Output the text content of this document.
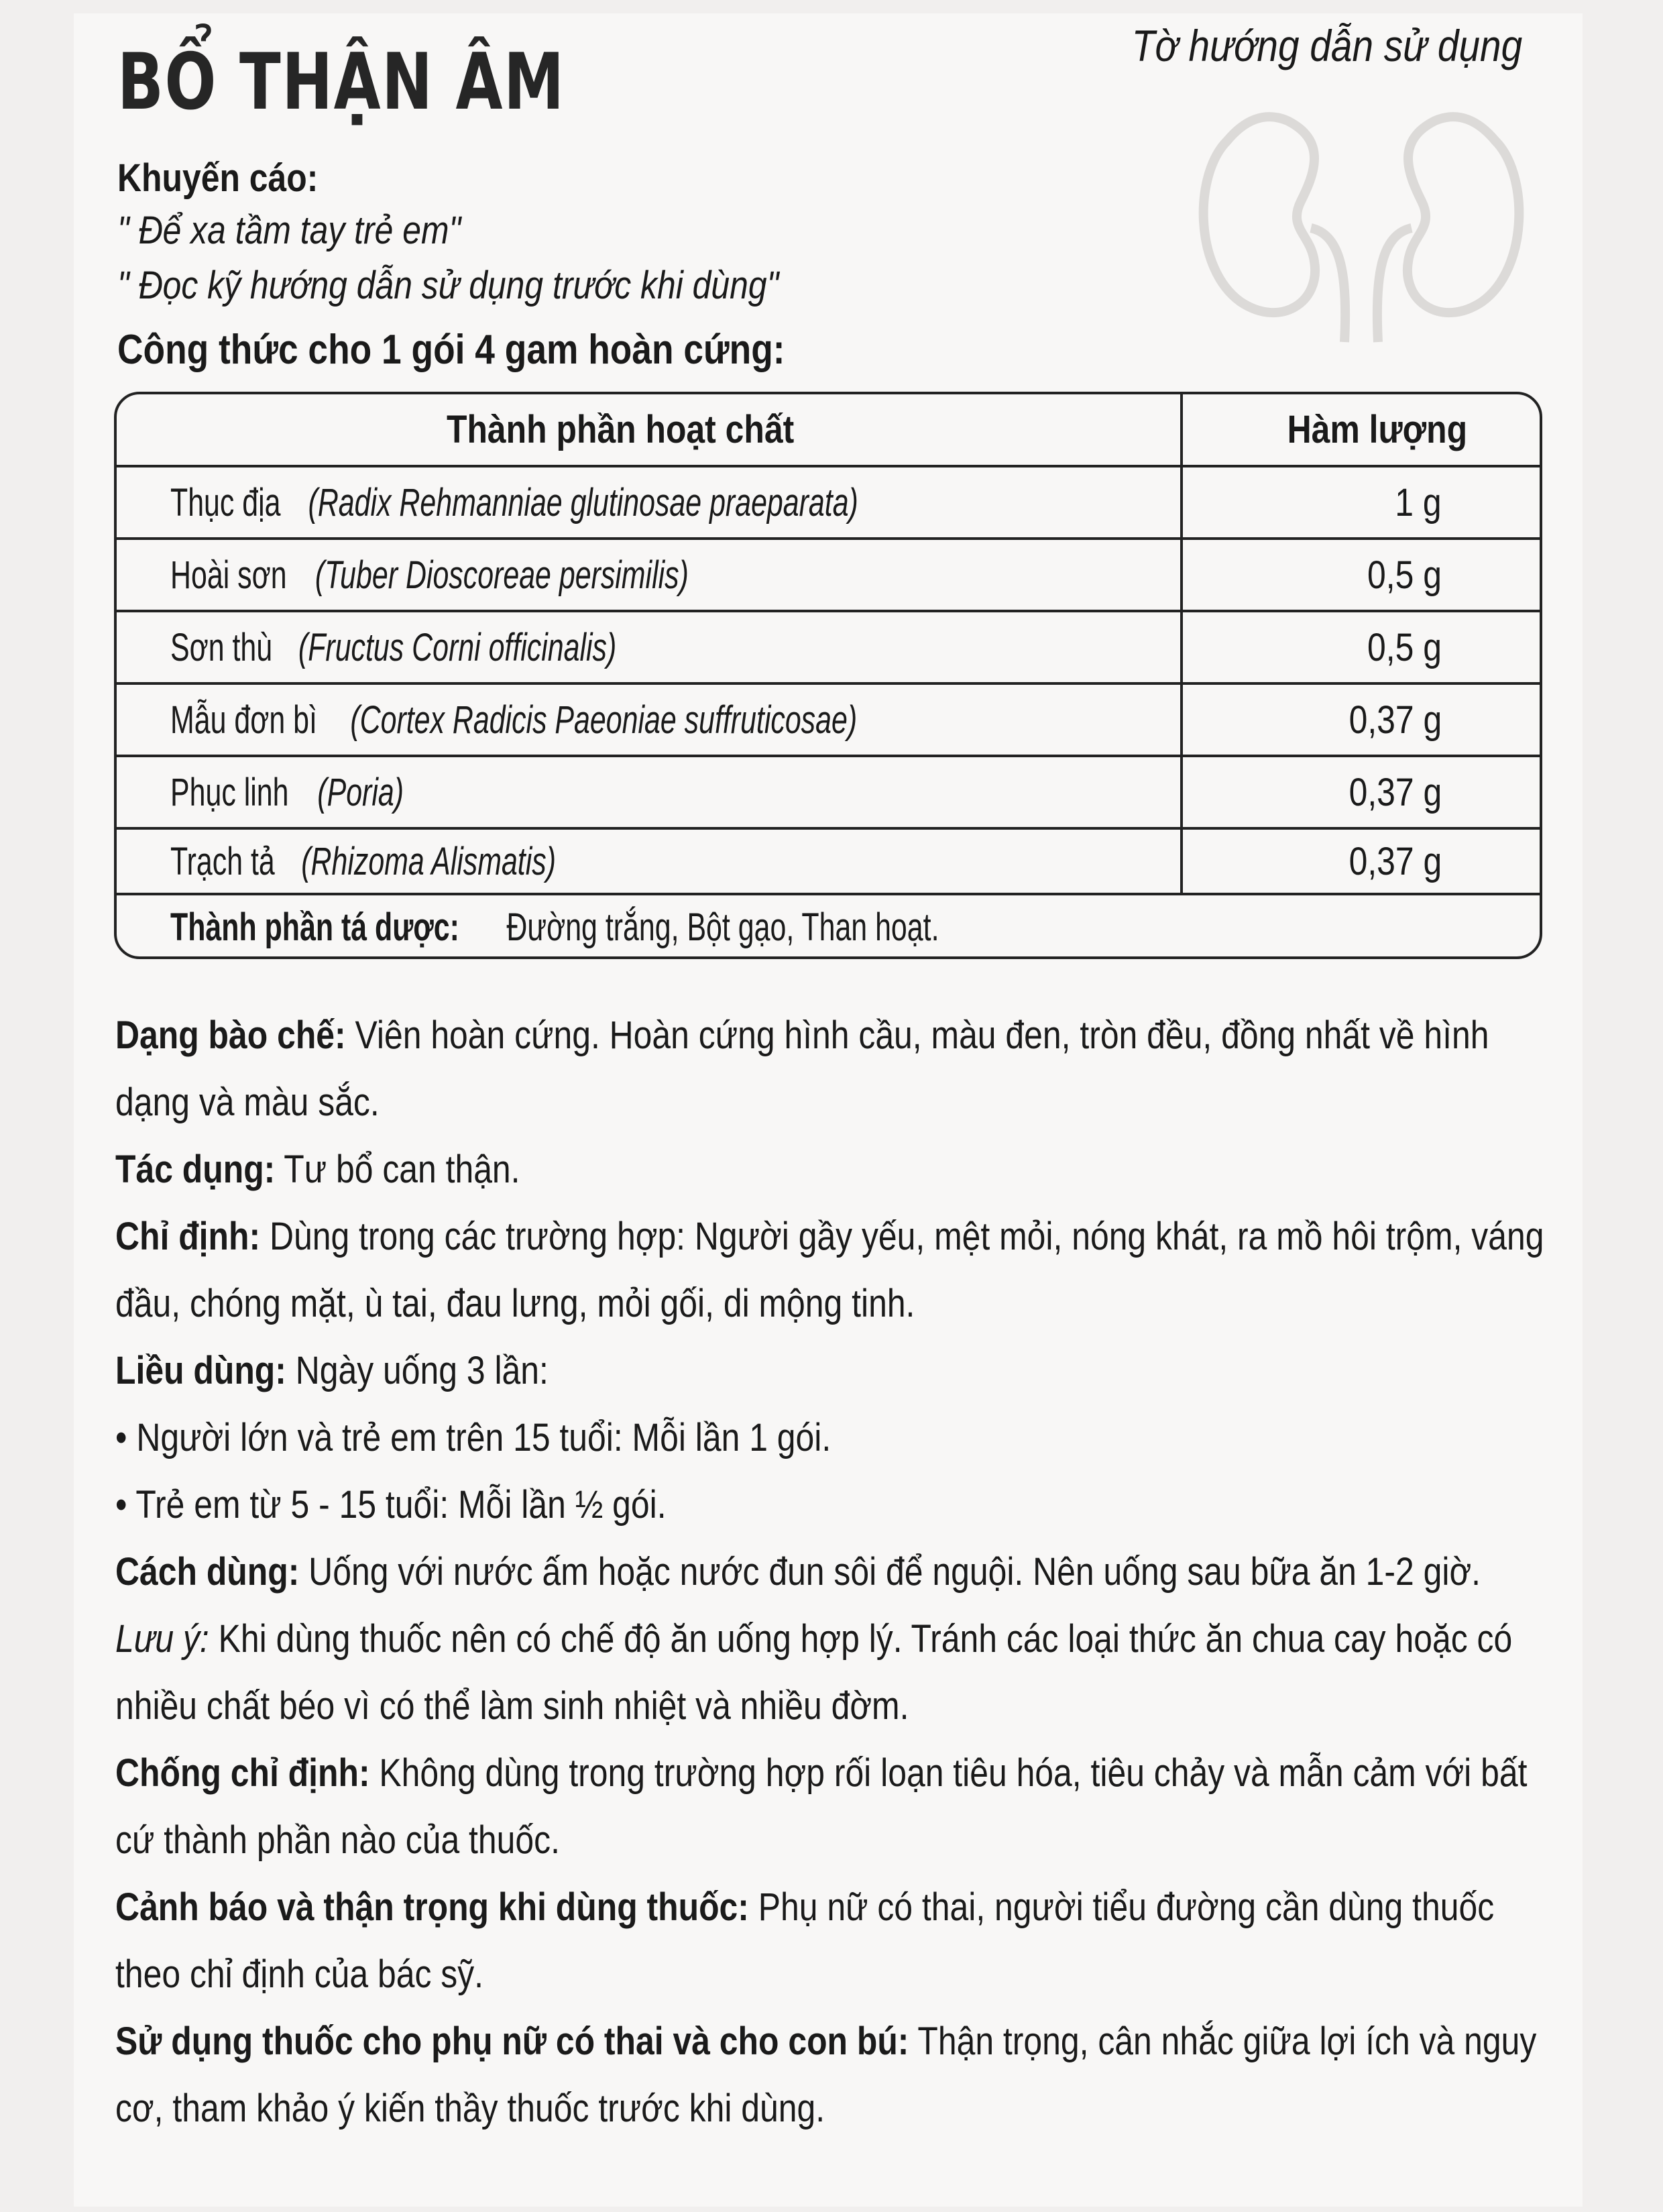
BỔ THẬN ÂM	Tờ hướng dẫn sử dụng
Khuyến cáo:
" Để xa tầm tay trẻ em"
" Đọc kỹ hướng dẫn sử dụng trước khi dùng"
Công thức cho 1 gói 4 gam hoàn cứng:
Thành phần hoạt chất	Hàm lượng
Thục địa (Radix Rehmanniae glutinosae praeparata)	1 g
Hoài sơn (Tuber Dioscoreae persimilis)	0,5 g
Sơn thù (Fructus Corni officinalis)	0,5 g
Mẫu đơn bì (Cortex Radicis Paeoniae suffruticosae)	0,37 g
Phục linh (Poria)	0,37 g
Trạch tả (Rhizoma Alismatis)	0,37 g
Thành phần tá dược:Đường trắng, Bột gạo, Than hoạt.
Dạng bào chế: Viên hoàn cứng. Hoàn cứng hình cầu, màu đen, tròn đều, đồng nhất về hình
dạng và màu sắc.
Tác dụng: Tư bổ can thận.
Chỉ định: Dùng trong các trường hợp: Người gầy yếu, mệt mỏi, nóng khát, ra mồ hôi trộm, váng
đầu, chóng mặt, ù tai, đau lưng, mỏi gối, di mộng tinh.
Liều dùng: Ngày uống 3 lần:
• Người lớn và trẻ em trên 15 tuổi: Mỗi lần 1 gói.
• Trẻ em từ 5 - 15 tuổi: Mỗi lần ½ gói.
Cách dùng: Uống với nước ấm hoặc nước đun sôi để nguội. Nên uống sau bữa ăn 1-2 giờ.
Lưu ý: Khi dùng thuốc nên có chế độ ăn uống hợp lý. Tránh các loại thức ăn chua cay hoặc có
nhiều chất béo vì có thể làm sinh nhiệt và nhiều đờm.
Chống chỉ định: Không dùng trong trường hợp rối loạn tiêu hóa, tiêu chảy và mẫn cảm với bất
cứ thành phần nào của thuốc.
Cảnh báo và thận trọng khi dùng thuốc: Phụ nữ có thai, người tiểu đường cần dùng thuốc
theo chỉ định của bác sỹ.
Sử dụng thuốc cho phụ nữ có thai và cho con bú: Thận trọng, cân nhắc giữa lợi ích và nguy
cơ, tham khảo ý kiến thầy thuốc trước khi dùng.
